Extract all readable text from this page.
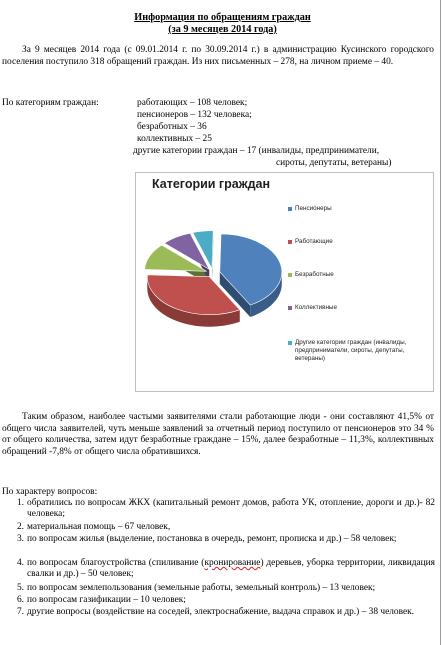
Информация по обращениям граждан
(за 9 месяцев 2014 года)
За 9 месяцев 2014 года (с 09.01.2014 г. по 30.09.2014 г.) в администрацию Кусинского городского поселения поступило 318 обращений граждан. Из них письменных – 278, на личном приеме – 40.
По категориям граждан:	работающих – 108 человек;
пенсионеров – 132 человека;
безработных – 36
коллективных – 25
другие категории граждан – 17 (инвалиды, предприниматели,
сироты, депутаты, ветераны)
Категории граждан
Пенсионеры
Работающие
Безработные
Коллективные
Другие категории граждан (инвалиды, предприниматели, сироты, депутаты, ветераны)
Таким образом, наиболее частыми заявителями стали работающие люди - они составляют 41,5% от общего числа заявителей, чуть меньше заявлений за отчетный период поступило от пенсионеров это 34 % от общего количества, затем идут безработные граждане – 15%, далее безработные – 11,3%, коллективных обращений -7,8% от общего числа обратившихся.
По характеру вопросов:
1. обратились по вопросам ЖКХ (капитальный ремонт домов, работа УК, отопление, дороги и др.)- 82 человека;
2. материальная помощь – 67 человек,
3. по вопросам жилья (выделение, постановка в очередь, ремонт, прописка и др.) – 58 человек;
4. по вопросам благоустройства (спиливание (кронирование) деревьев, уборка территории, ликвидация свалки и др.) – 50 человек;
5. по вопросам землепользования (земельные работы, земельный контроль) – 13 человек;
6. по вопросам газификации – 10 человек;
7. другие вопросы (воздействие на соседей, электроснабжение, выдача справок и др.) – 38 человек.
